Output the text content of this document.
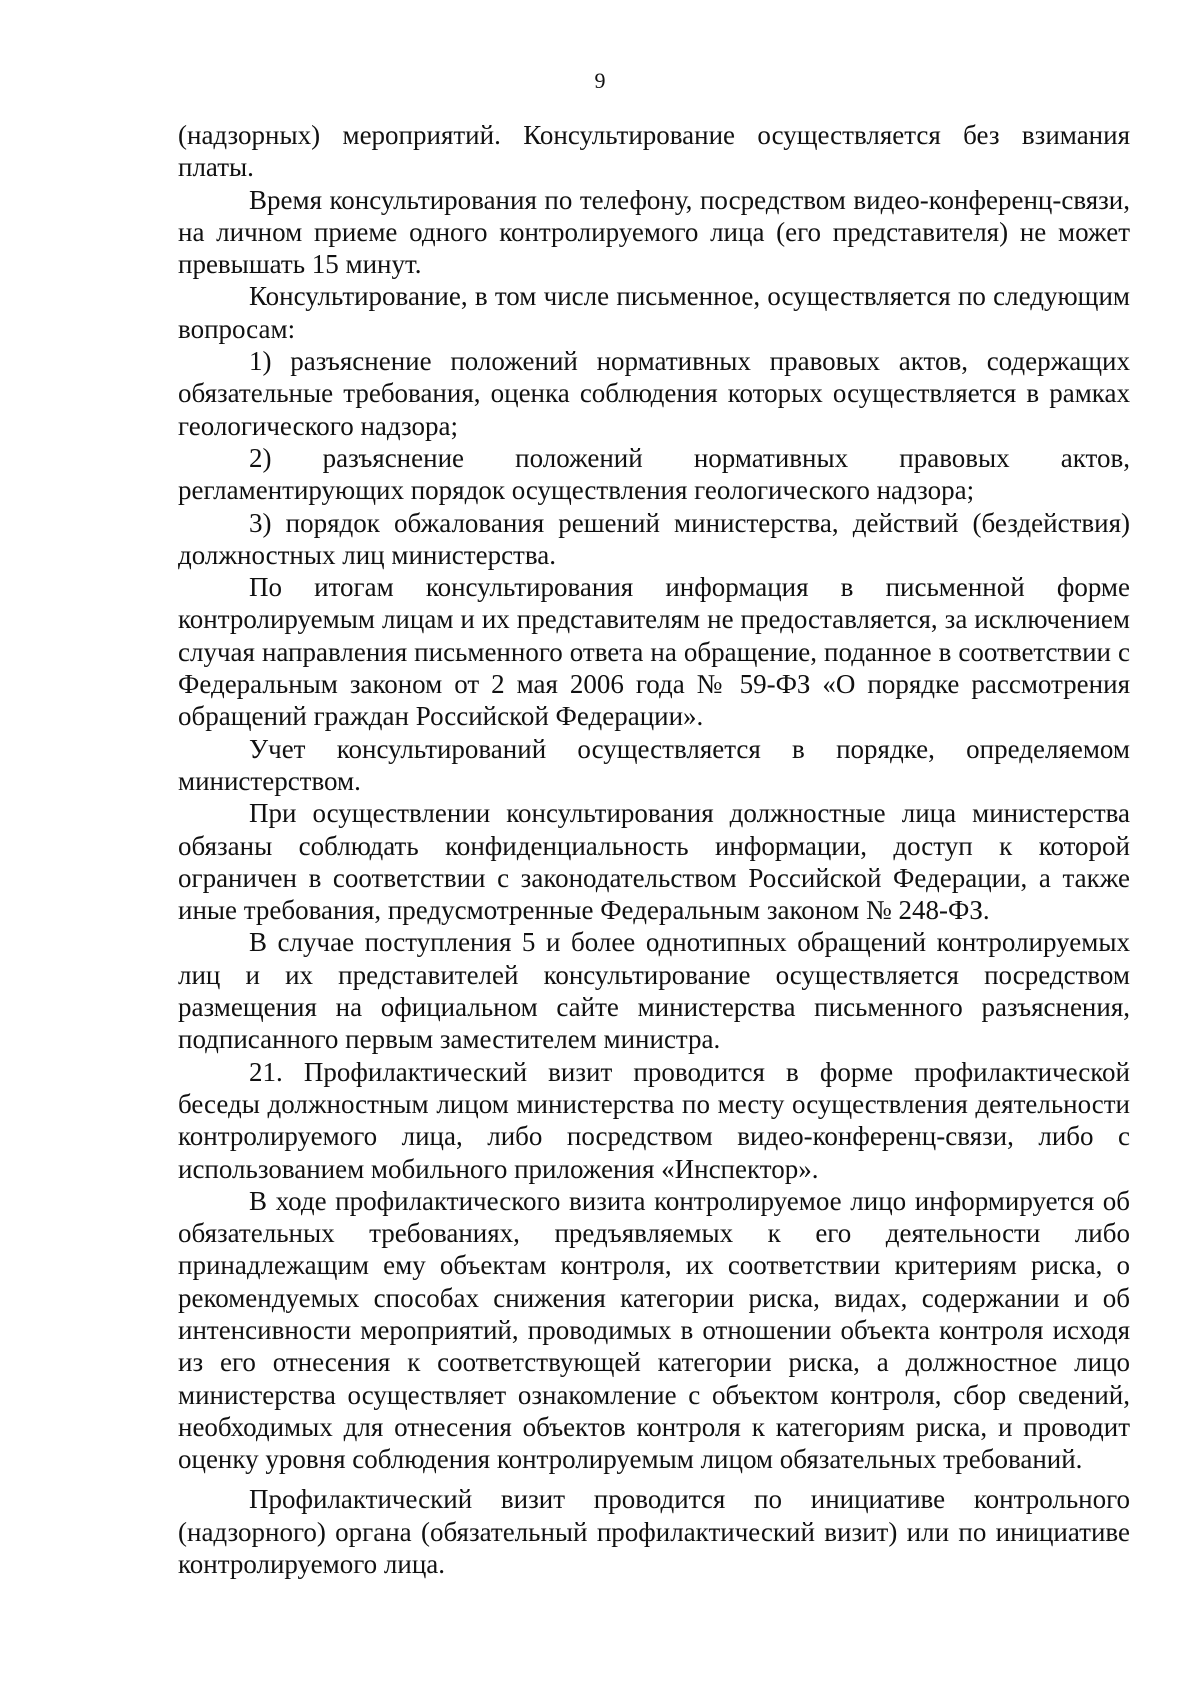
9

(надзорных) мероприятий. Консультирование осуществляется без взимания платы.

Время консультирования по телефону, посредством видео-конференц-связи, на личном приеме одного контролируемого лица (его представителя) не может превышать 15 минут.

Консультирование, в том числе письменное, осуществляется по следующим вопросам:

1) разъяснение положений нормативных правовых актов, содержащих обязательные требования, оценка соблюдения которых осуществляется в рамках геологического надзора;

2) разъяснение положений нормативных правовых актов, регламентирующих порядок осуществления геологического надзора;

3) порядок обжалования решений министерства, действий (бездействия) должностных лиц министерства.

По итогам консультирования информация в письменной форме контролируемым лицам и их представителям не предоставляется, за исключением случая направления письменного ответа на обращение, поданное в соответствии с Федеральным законом от 2 мая 2006 года № 59-ФЗ «О порядке рассмотрения обращений граждан Российской Федерации».

Учет консультирований осуществляется в порядке, определяемом министерством.

При осуществлении консультирования должностные лица министерства обязаны соблюдать конфиденциальность информации, доступ к которой ограничен в соответствии с законодательством Российской Федерации, а также иные требования, предусмотренные Федеральным законом № 248-ФЗ.

В случае поступления 5 и более однотипных обращений контролируемых лиц и их представителей консультирование осуществляется посредством размещения на официальном сайте министерства письменного разъяснения, подписанного первым заместителем министра.

21. Профилактический визит проводится в форме профилактической беседы должностным лицом министерства по месту осуществления деятельности контролируемого лица, либо посредством видео-конференц-связи, либо с использованием мобильного приложения «Инспектор».

В ходе профилактического визита контролируемое лицо информируется об обязательных требованиях, предъявляемых к его деятельности либо принадлежащим ему объектам контроля, их соответствии критериям риска, о рекомендуемых способах снижения категории риска, видах, содержании и об интенсивности мероприятий, проводимых в отношении объекта контроля исходя из его отнесения к соответствующей категории риска, а должностное лицо министерства осуществляет ознакомление с объектом контроля, сбор сведений, необходимых для отнесения объектов контроля к категориям риска, и проводит оценку уровня соблюдения контролируемым лицом обязательных требований.

Профилактический визит проводится по инициативе контрольного (надзорного) органа (обязательный профилактический визит) или по инициативе контролируемого лица.
